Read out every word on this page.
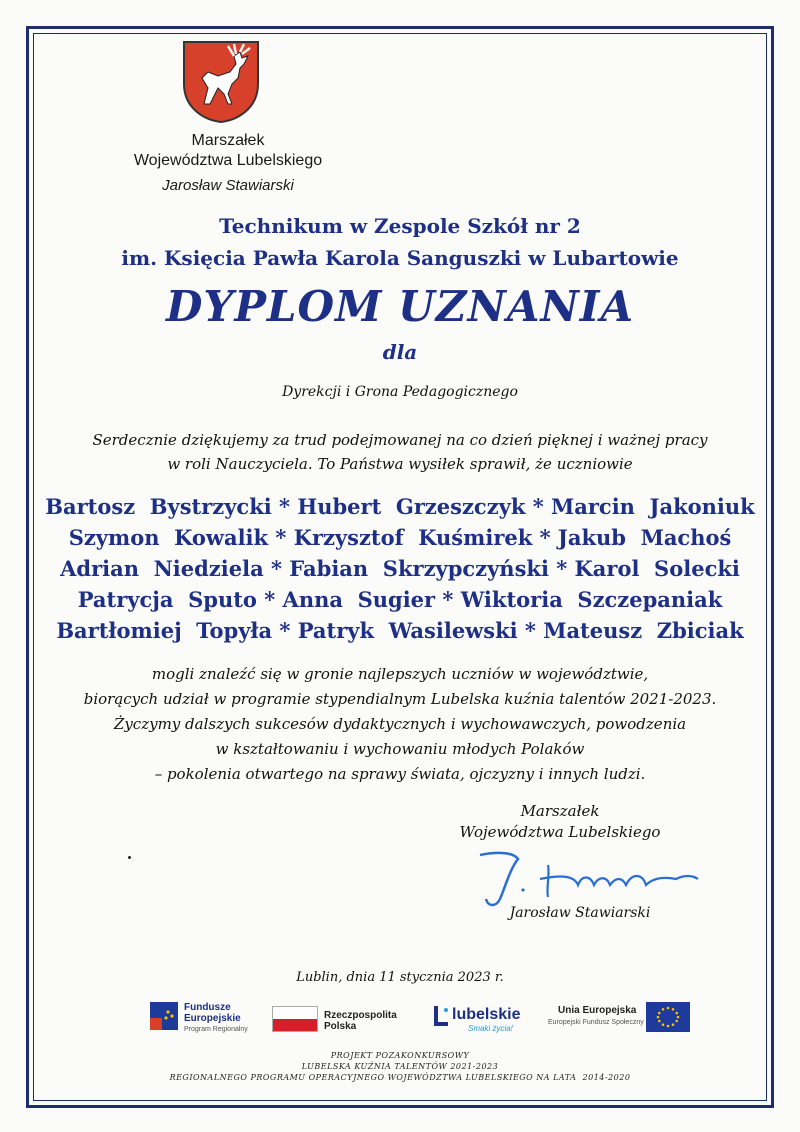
Marszałek
Województwa Lubelskiego
Jarosław Stawiarski
Technikum w Zespole Szkół nr 2
im. Księcia Pawła Karola Sanguszki w Lubartowie
DYPLOM UZNANIA
dla
Dyrekcji i Grona Pedagogicznego
Serdecznie dziękujemy za trud podejmowanej na co dzień pięknej i ważnej pracy
w roli Nauczyciela. To Państwa wysiłek sprawił, że uczniowie
Bartosz  Bystrzycki * Hubert  Grzeszczyk * Marcin  Jakoniuk
Szymon  Kowalik * Krzysztof  Kuśmirek * Jakub  Machoś
Adrian  Niedziela * Fabian  Skrzypczyński * Karol  Solecki
Patrycja  Sputo * Anna  Sugier * Wiktoria  Szczepaniak
Bartłomiej  Topyła * Patryk  Wasilewski * Mateusz  Zbiciak
mogli znaleźć się w gronie najlepszych uczniów w województwie,
biorących udział w programie stypendialnym Lubelska kuźnia talentów 2021-2023.
Życzymy dalszych sukcesów dydaktycznych i wychowawczych, powodzenia
w kształtowaniu i wychowaniu młodych Polaków
– pokolenia otwartego na sprawy świata, ojczyzny i innych ludzi.
Marszałek
Województwa Lubelskiego
Jarosław Stawiarski
Lublin, dnia 11 stycznia 2023 r.
Fundusze
Europejskie
Program Regionalny
Rzeczpospolita
Polska
lubelskie
Smaki życia!
Unia Europejska
Europejski Fundusz Społeczny
PROJEKT POZAKONKURSOWY
LUBELSKA KUŹNIA TALENTÓW 2021-2023
REGIONALNEGO PROGRAMU OPERACYJNEGO WOJEWÓDZTWA LUBELSKIEGO NA LATA  2014-2020
